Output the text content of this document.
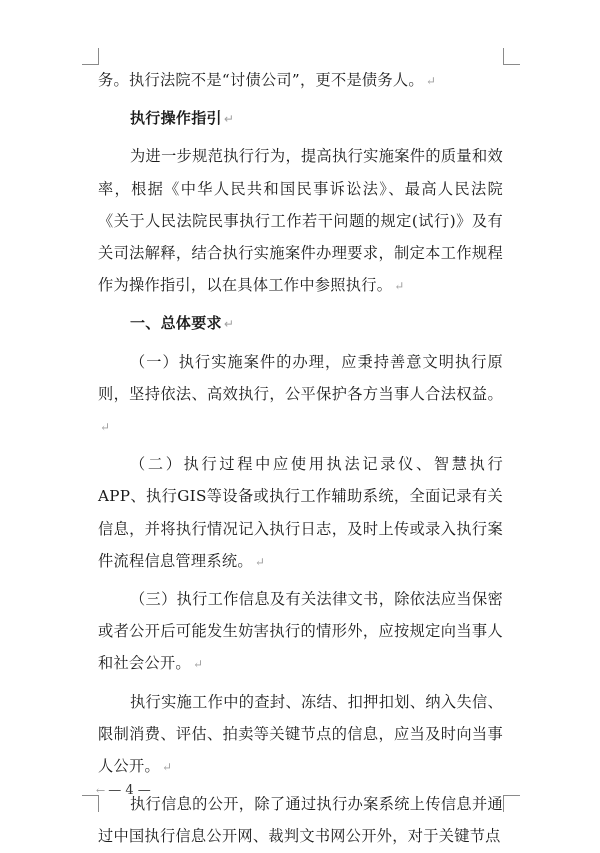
务。执行法院不是“讨债公司”，更不是债务人。 ↵

执行操作指引 ↵

为进一步规范执行行为，提高执行实施案件的质量和效率，根据《中华人民共和国民事诉讼法》、最高人民法院《关于人民法院民事执行工作若干问题的规定(试行)》及有关司法解释，结合执行实施案件办理要求，制定本工作规程作为操作指引，以在具体工作中参照执行。 ↵

一、总体要求 ↵

（一）执行实施案件的办理，应秉持善意文明执行原则，坚持依法、高效执行，公平保护各方当事人合法权益。↵

（二）执行过程中应使用执法记录仪、智慧执行APP、执行GIS等设备或执行工作辅助系统，全面记录有关信息，并将执行情况记入执行日志，及时上传或录入执行案件流程信息管理系统。 ↵

（三）执行工作信息及有关法律文书，除依法应当保密或者公开后可能发生妨害执行的情形外，应按规定向当事人和社会公开。 ↵

执行实施工作中的查封、冻结、扣押扣划、纳入失信、限制消费、评估、拍卖等关键节点的信息，应当及时向当事人公开。 ↵

执行信息的公开，除了通过执行办案系统上传信息并通过中国执行信息公开网、裁判文书网公开外，对于关键节点

← — 4 —
